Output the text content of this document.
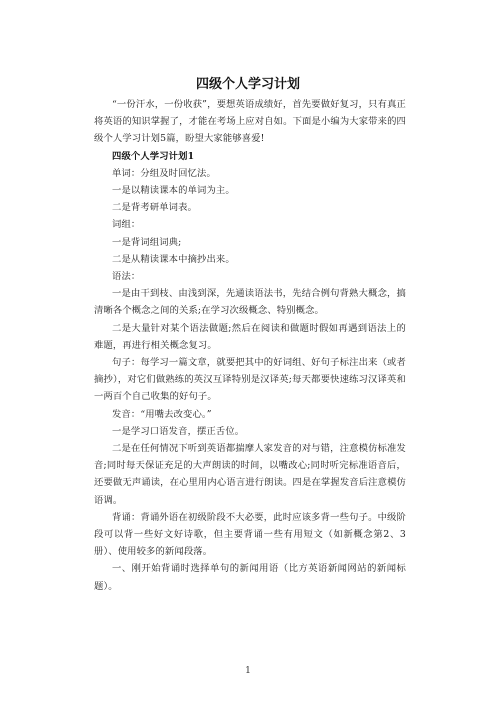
四级个人学习计划

“一份汗水，一份收获”，要想英语成绩好，首先要做好复习，只有真正将英语的知识掌握了，才能在考场上应对自如。下面是小编为大家带来的四级个人学习计划5篇，盼望大家能够喜爱!

四级个人学习计划1

单词：分组及时回忆法。

一是以精读课本的单词为主。

二是背考研单词表。

词组：

一是背词组词典;

二是从精读课本中摘抄出来。

语法：

一是由干到枝、由浅到深，先通读语法书，先结合例句背熟大概念，搞清晰各个概念之间的关系;在学习次级概念、特别概念。

二是大量针对某个语法做题;然后在阅读和做题时假如再遇到语法上的难题，再进行相关概念复习。

句子：每学习一篇文章，就要把其中的好词组、好句子标注出来（或者摘抄），对它们做熟练的英汉互译特别是汉译英;每天都要快速练习汉译英和一两百个自己收集的好句子。

发音：“用嘴去改变心。”

一是学习口语发音，摆正舌位。

二是在任何情况下听到英语都揣摩人家发音的对与错，注意模仿标准发音;同时每天保证充足的大声朗读的时间，以嘴改心;同时听完标准语音后，还要做无声诵读，在心里用内心语言进行朗读。四是在掌握发音后注意模仿语调。

背诵：背诵外语在初级阶段不大必要，此时应该多背一些句子。中级阶段可以背一些好文好诗歌，但主要背诵一些有用短文（如新概念第2、3册）、使用较多的新闻段落。

一、刚开始背诵时选择单句的新闻用语（比方英语新闻网站的新闻标题）。

1
